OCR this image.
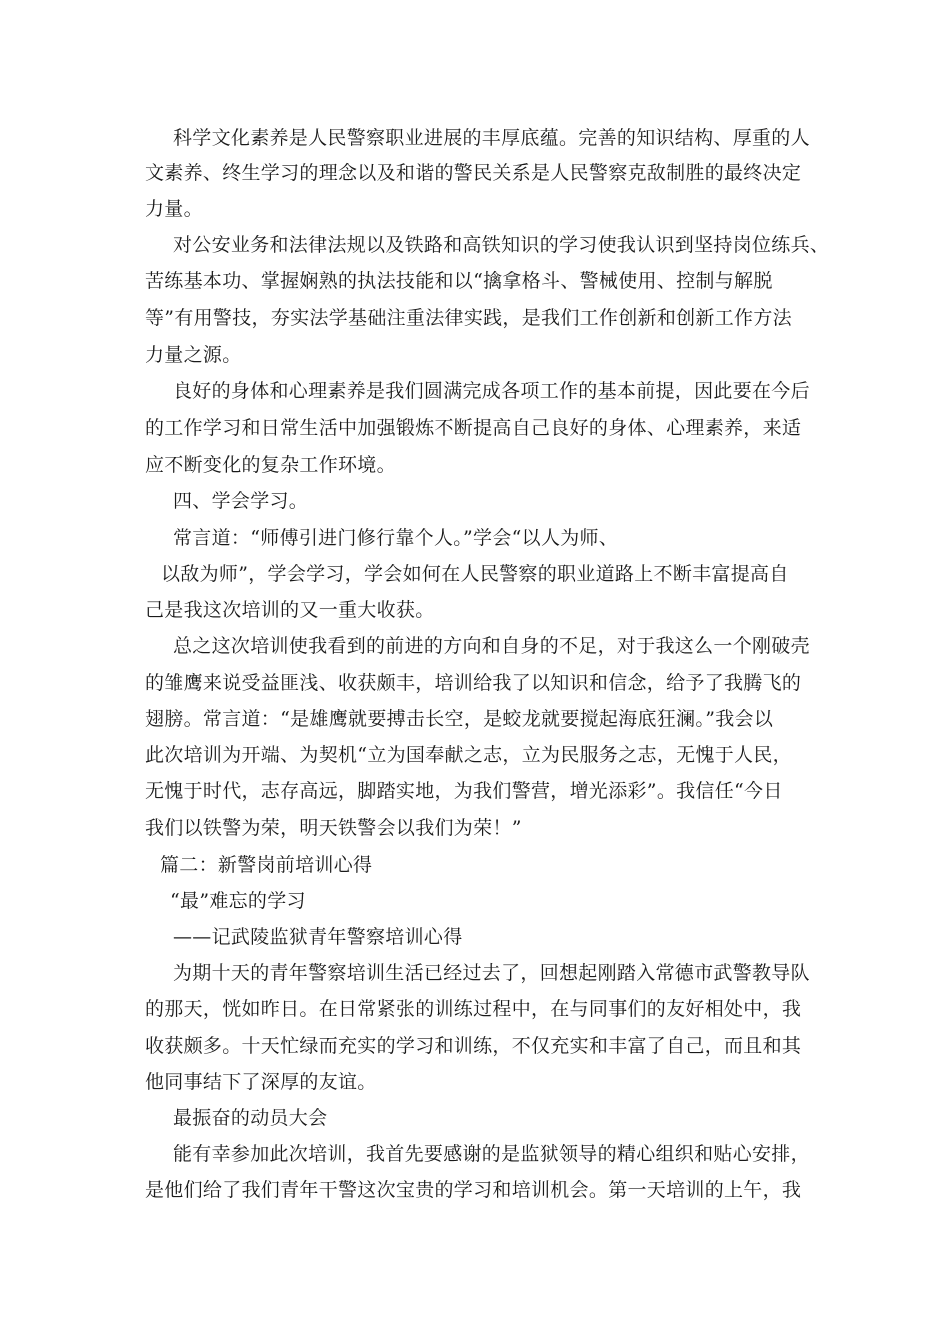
科学文化素养是人民警察职业进展的丰厚底蕴。完善的知识结构、厚重的人
文素养、终生学习的理念以及和谐的警民关系是人民警察克敌制胜的最终决定
力量。
对公安业务和法律法规以及铁路和高铁知识的学习使我认识到坚持岗位练兵、
苦练基本功、掌握娴熟的执法技能和以“擒拿格斗、警械使用、控制与解脱
等”有用警技，夯实法学基础注重法律实践，是我们工作创新和创新工作方法
力量之源。
良好的身体和心理素养是我们圆满完成各项工作的基本前提，因此要在今后
的工作学习和日常生活中加强锻炼不断提高自己良好的身体、心理素养，来适
应不断变化的复杂工作环境。
四、学会学习。
常言道：“师傅引进门修行靠个人。”学会“以人为师、
以敌为师”，学会学习，学会如何在人民警察的职业道路上不断丰富提高自
己是我这次培训的又一重大收获。
总之这次培训使我看到的前进的方向和自身的不足，对于我这么一个刚破壳
的雏鹰来说受益匪浅、收获颇丰，培训给我了以知识和信念，给予了我腾飞的
翅膀。常言道：“是雄鹰就要搏击长空，是蛟龙就要搅起海底狂澜。”我会以
此次培训为开端、为契机“立为国奉献之志，立为民服务之志，无愧于人民，
无愧于时代，志存高远，脚踏实地，为我们警营，增光添彩”。我信任“今日
我们以铁警为荣，明天铁警会以我们为荣！”
篇二：新警岗前培训心得
“最”难忘的学习
——记武陵监狱青年警察培训心得
为期十天的青年警察培训生活已经过去了，回想起刚踏入常德市武警教导队
的那天，恍如昨日。在日常紧张的训练过程中，在与同事们的友好相处中，我
收获颇多。十天忙绿而充实的学习和训练，不仅充实和丰富了自己，而且和其
他同事结下了深厚的友谊。
最振奋的动员大会
能有幸参加此次培训，我首先要感谢的是监狱领导的精心组织和贴心安排，
是他们给了我们青年干警这次宝贵的学习和培训机会。第一天培训的上午，我
